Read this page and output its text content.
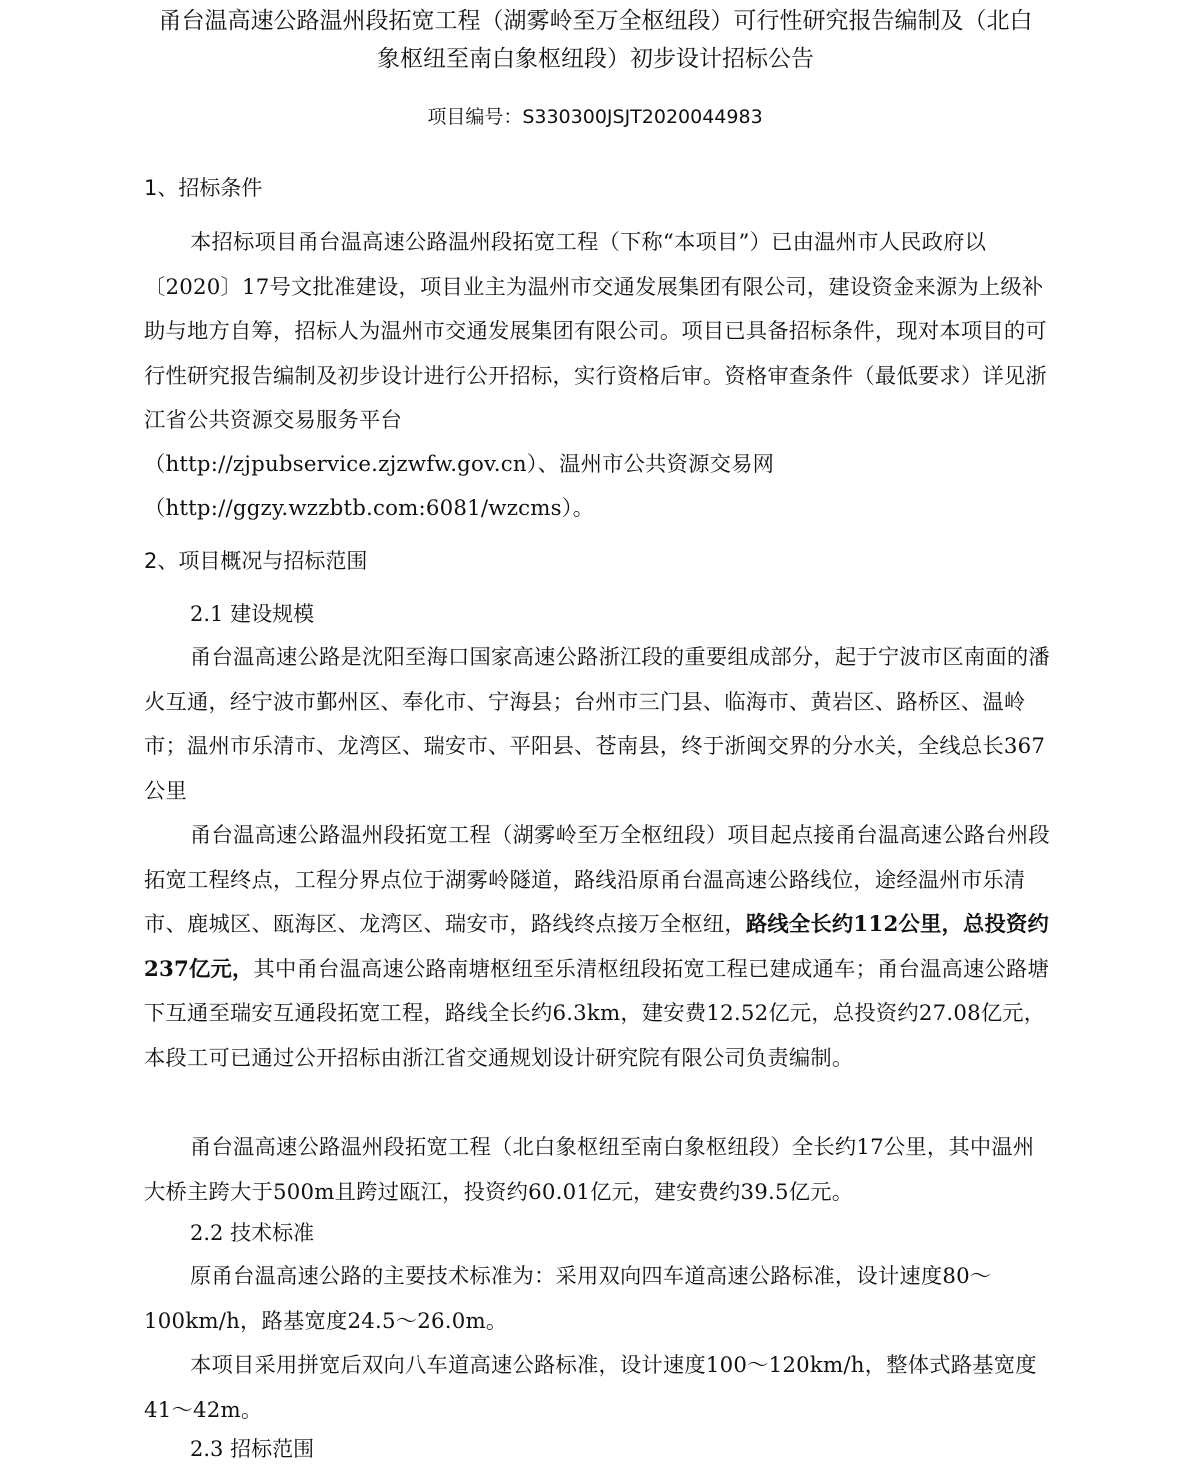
甬台温高速公路温州段拓宽工程（湖雾岭至万全枢纽段）可行性研究报告编制及（北白
象枢纽至南白象枢纽段）初步设计招标公告
项目编号：S330300JSJT2020044983
1、招标条件

本招标项目甬台温高速公路温州段拓宽工程（下称“本项目”）已由温州市人民政府以〔2020〕17号文批准建设，项目业主为温州市交通发展集团有限公司，建设资金来源为上级补助与地方自筹，招标人为温州市交通发展集团有限公司。项目已具备招标条件，现对本项目的可行性研究报告编制及初步设计进行公开招标，实行资格后审。资格审查条件（最低要求）详见浙江省公共资源交易服务平台

（http://zjpubservice.zjzwfw.gov.cn）、温州市公共资源交易网

（http://ggzy.wzzbtb.com:6081/wzcms）。

2、项目概况与招标范围
2.1 建设规模

甬台温高速公路是沈阳至海口国家高速公路浙江段的重要组成部分，起于宁波市区南面的潘火互通，经宁波市鄞州区、奉化市、宁海县；台州市三门县、临海市、黄岩区、路桥区、温岭市；温州市乐清市、龙湾区、瑞安市、平阳县、苍南县，终于浙闽交界的分水关，全线总长367公里

甬台温高速公路温州段拓宽工程（湖雾岭至万全枢纽段）项目起点接甬台温高速公路台州段拓宽工程终点，工程分界点位于湖雾岭隧道，路线沿原甬台温高速公路线位，途经温州市乐清市、鹿城区、瓯海区、龙湾区、瑞安市，路线终点接万全枢纽，路线全长约112公里，总投资约237亿元，其中甬台温高速公路南塘枢纽至乐清枢纽段拓宽工程已建成通车；甬台温高速公路塘下互通至瑞安互通段拓宽工程，路线全长约6.3km，建安费12.52亿元，总投资约27.08亿元，本段工可已通过公开招标由浙江省交通规划设计研究院有限公司负责编制。

甬台温高速公路温州段拓宽工程（北白象枢纽至南白象枢纽段）全长约17公里，其中温州大桥主跨大于500m且跨过瓯江，投资约60.01亿元，建安费约39.5亿元。

2.2 技术标准

原甬台温高速公路的主要技术标准为：采用双向四车道高速公路标准，设计速度80～100km/h，路基宽度24.5～26.0m。

本项目采用拼宽后双向八车道高速公路标准，设计速度100～120km/h，整体式路基宽度41～42m。

2.3 招标范围
